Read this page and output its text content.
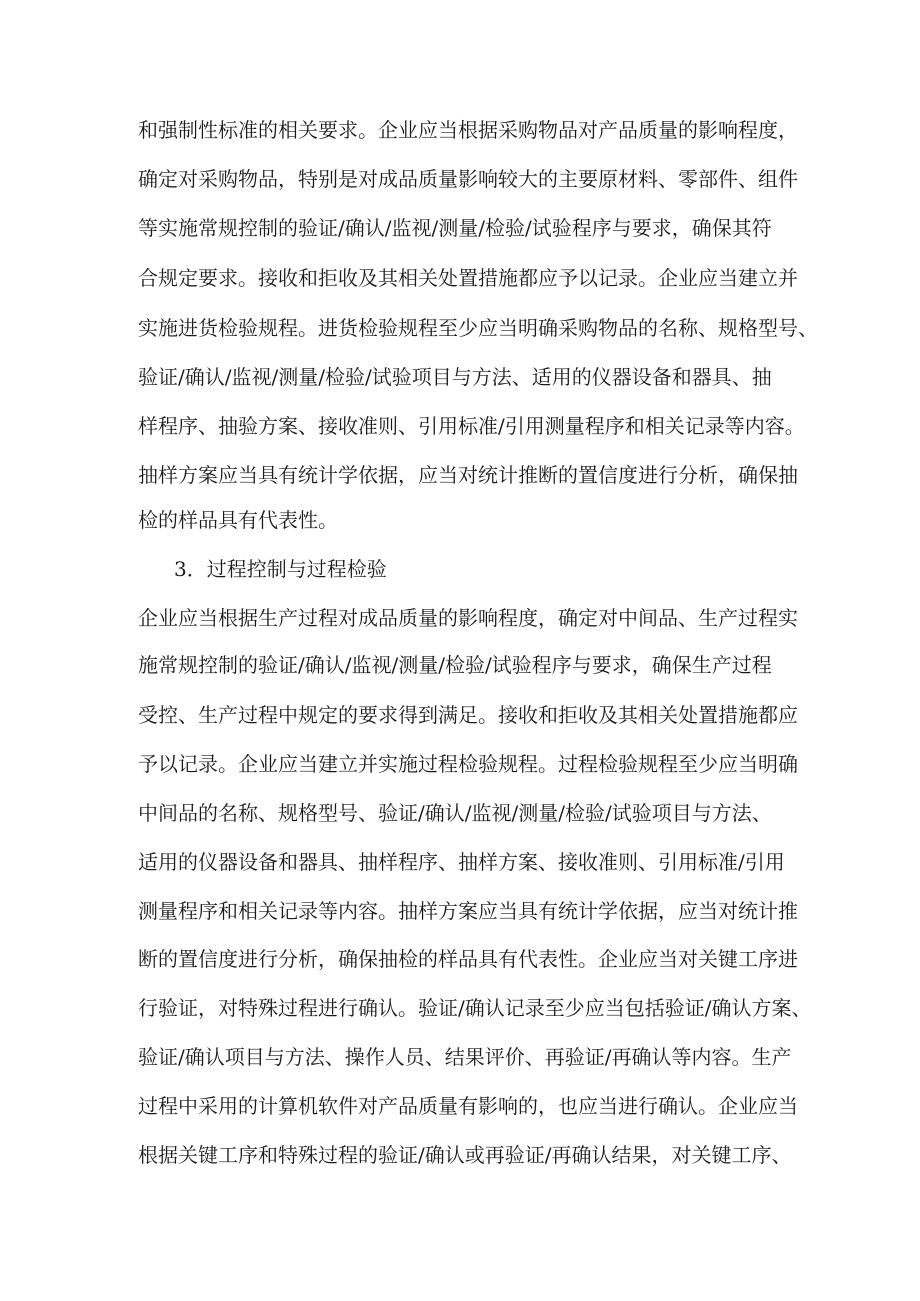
和强制性标准的相关要求。企业应当根据采购物品对产品质量的影响程度，
确定对采购物品，特别是对成品质量影响较大的主要原材料、零部件、组件
等实施常规控制的验证/确认/监视/测量/检验/试验程序与要求，确保其符
合规定要求。接收和拒收及其相关处置措施都应予以记录。企业应当建立并
实施进货检验规程。进货检验规程至少应当明确采购物品的名称、规格型号、
验证/确认/监视/测量/检验/试验项目与方法、适用的仪器设备和器具、抽
样程序、抽验方案、接收准则、引用标准/引用测量程序和相关记录等内容。
抽样方案应当具有统计学依据，应当对统计推断的置信度进行分析，确保抽
检的样品具有代表性。
3．过程控制与过程检验
企业应当根据生产过程对成品质量的影响程度，确定对中间品、生产过程实
施常规控制的验证/确认/监视/测量/检验/试验程序与要求，确保生产过程
受控、生产过程中规定的要求得到满足。接收和拒收及其相关处置措施都应
予以记录。企业应当建立并实施过程检验规程。过程检验规程至少应当明确
中间品的名称、规格型号、验证/确认/监视/测量/检验/试验项目与方法、
适用的仪器设备和器具、抽样程序、抽样方案、接收准则、引用标准/引用
测量程序和相关记录等内容。抽样方案应当具有统计学依据，应当对统计推
断的置信度进行分析，确保抽检的样品具有代表性。企业应当对关键工序进
行验证，对特殊过程进行确认。验证/确认记录至少应当包括验证/确认方案、
验证/确认项目与方法、操作人员、结果评价、再验证/再确认等内容。生产
过程中采用的计算机软件对产品质量有影响的，也应当进行确认。企业应当
根据关键工序和特殊过程的验证/确认或再验证/再确认结果，对关键工序、
